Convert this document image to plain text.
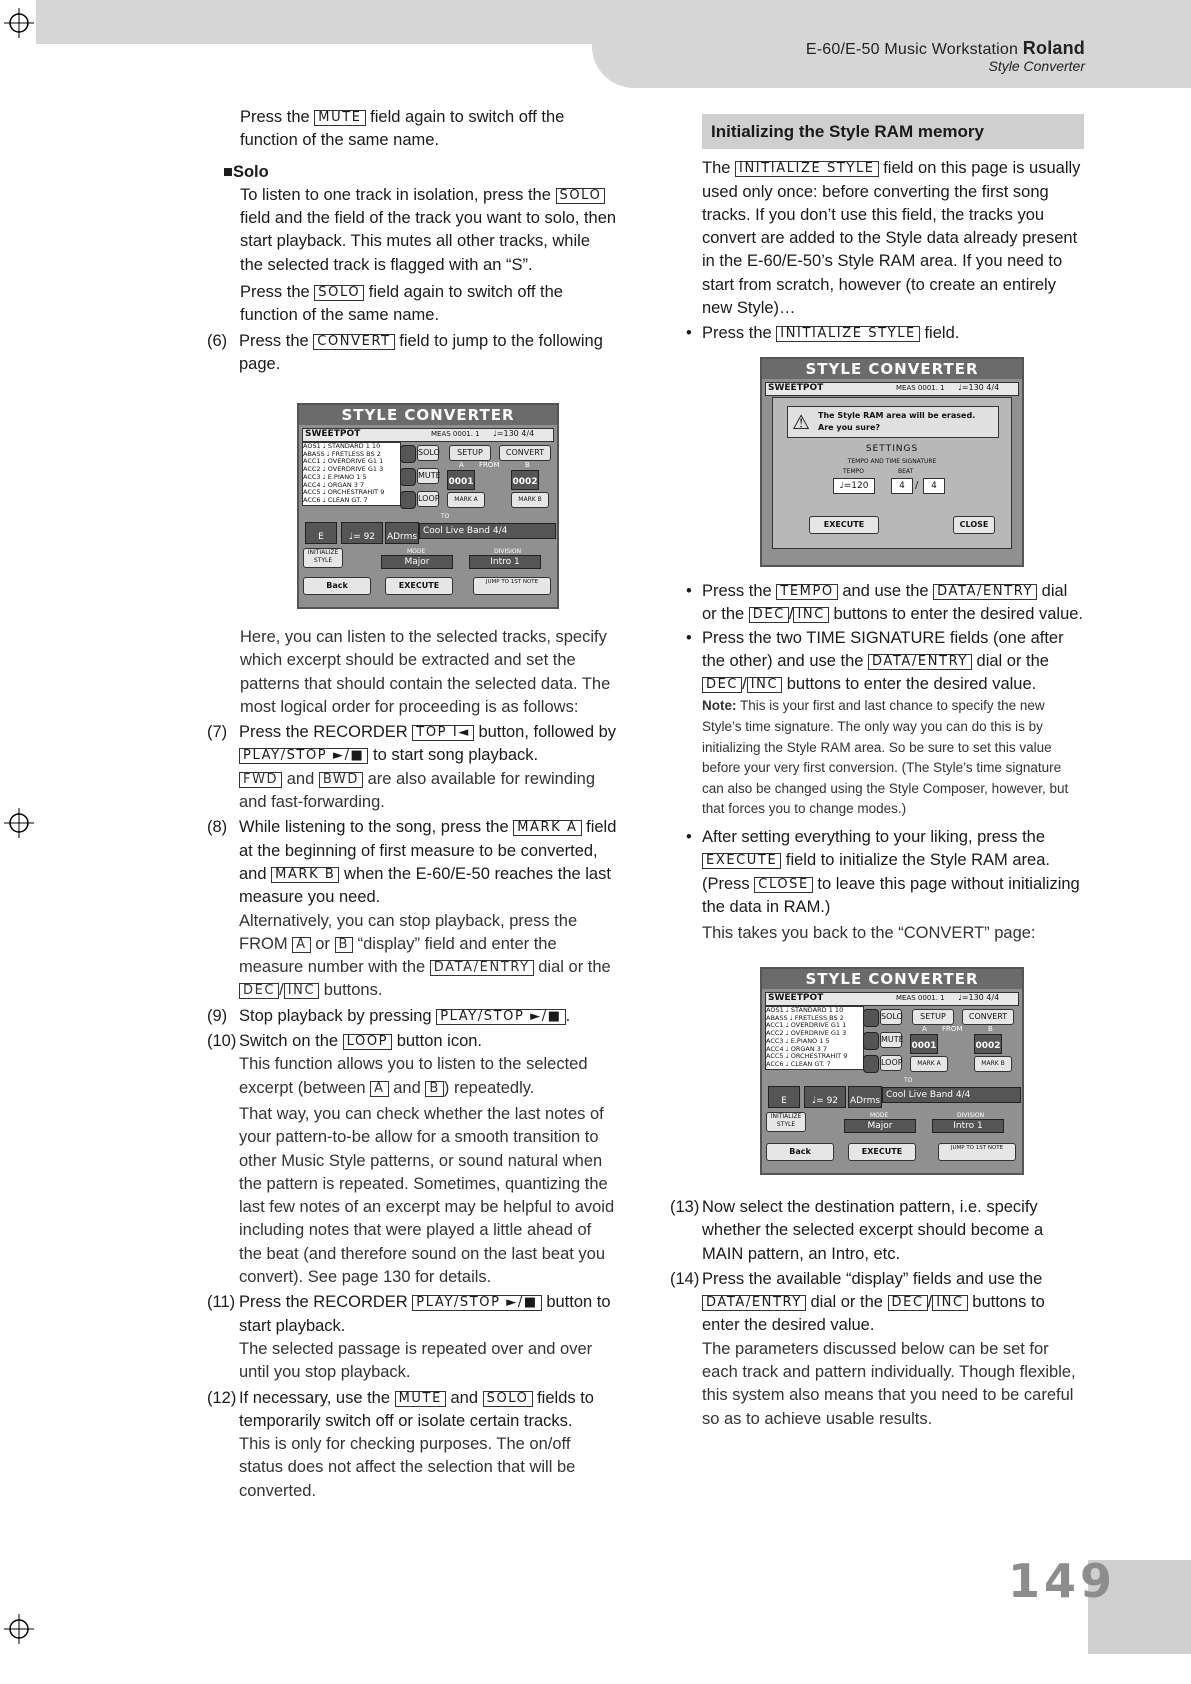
E-60/E-50 Music Workstation Roland
Style Converter
149

Press the MUTE field again to switch off the function of the same name.

■Solo

To listen to one track in isolation, press the SOLO field and the field of the track you want to solo, then start playback. This mutes all other tracks, while the selected track is flagged with an “S”.

Press the SOLO field again to switch off the function of the same name.

(6) Press the CONVERT field to jump to the following page.
STYLE CONVERTER
SWEETPOT	MEAS 0001. 1 ♩=130 4/4
AOS1 ♩ STANDARD 1 10
ABASS ♩ FRETLESS BS 2
ACC1 ♩ OVERDRIVE G1 1
ACC2 ♩ OVERDRIVE G1 3
ACC3 ♩ E.PIANO 1 5
ACC4 ♩ ORGAN 3 7
ACC5 ♩ ORCHESTRAHIT 9
ACC6 ♩ CLEAN GT. 7
SOLO
MUTE
LOOP
SETUP	CONVERT
FROM
A	B
0001	0002
MARK A	MARK B
E	♩= 92	ADrms
TO
Cool Live Band 4/4
INITIALIZE STYLE
MODE
Major
DIVISION
Intro 1
Back	EXECUTE	JUMP TO 1ST NOTE

Here, you can listen to the selected tracks, specify which excerpt should be extracted and set the patterns that should contain the selected data. The most logical order for proceeding is as follows:

(7) Press the RECORDER TOP I◄ button, followed by PLAY/STOP ►/■ to start song playback.
FWD and BWD are also available for rewinding and fast-forwarding.
(8) While listening to the song, press the MARK A field at the beginning of first measure to be converted, and MARK B when the E-60/E-50 reaches the last measure you need.
Alternatively, you can stop playback, press the FROM A or B “display” field and enter the measure number with the DATA/ENTRY dial or the DEC / INC buttons.
(9) Stop playback by pressing PLAY/STOP ►/■ .
(10) Switch on the LOOP button icon.
This function allows you to listen to the selected excerpt (between A and B ) repeatedly.

That way, you can check whether the last notes of your pattern-to-be allow for a smooth transition to other Music Style patterns, or sound natural when the pattern is repeated. Sometimes, quantizing the last few notes of an excerpt may be helpful to avoid including notes that were played a little ahead of the beat (and therefore sound on the last beat you convert). See page 130 for details.
(11) Press the RECORDER PLAY/STOP ►/■ button to start playback.
The selected passage is repeated over and over until you stop playback.
(12) If necessary, use the MUTE and SOLO fields to temporarily switch off or isolate certain tracks.
This is only for checking purposes. The on/off status does not affect the selection that will be converted.
Initializing the Style RAM memory

The INITIALIZE STYLE field on this page is usually used only once: before converting the first song tracks. If you don’t use this field, the tracks you convert are added to the Style data already present in the E-60/E-50’s Style RAM area. If you need to start from scratch, however (to create an entirely new Style)…

• Press the INITIALIZE STYLE field.
STYLE CONVERTER
SWEETPOT	MEAS 0001. 1 ♩=130 4/4
⚠ The Style RAM area will be erased.
Are you sure?
SETTINGS
TEMPO AND TIME SIGNATURE
TEMPO
♩=120
BEAT
4	/	4
EXECUTE	CLOSE
• Press the TEMPO and use the DATA/ENTRY dial or the DEC / INC buttons to enter the desired value.
• Press the two TIME SIGNATURE fields (one after the other) and use the DATA/ENTRY dial or the DEC / INC buttons to enter the desired value.

Note: This is your first and last chance to specify the new Style’s time signature. The only way you can do this is by initializing the Style RAM area. So be sure to set this value before your very first conversion. (The Style’s time signature can also be changed using the Style Composer, however, but that forces you to change modes.)

• After setting everything to your liking, press the EXECUTE field to initialize the Style RAM area. (Press CLOSE to leave this page without initializing the data in RAM.)

This takes you back to the “CONVERT” page:

STYLE CONVERTER
SWEETPOT	MEAS 0001. 1 ♩=130 4/4
AOS1 ♩ STANDARD 1 10
ABASS ♩ FRETLESS BS 2
ACC1 ♩ OVERDRIVE G1 1
ACC2 ♩ OVERDRIVE G1 3
ACC3 ♩ E.PIANO 1 5
ACC4 ♩ ORGAN 3 7
ACC5 ♩ ORCHESTRAHIT 9
ACC6 ♩ CLEAN GT. 7
SOLO
MUTE
LOOP
SETUP	CONVERT
FROM
A	B
0001	0002
MARK A	MARK B
E	♩= 92	ADrms
TO
Cool Live Band 4/4
INITIALIZE STYLE
MODE
Major
DIVISION
Intro 1
Back	EXECUTE	JUMP TO 1ST NOTE
(13) Now select the destination pattern, i.e. specify whether the selected excerpt should become a MAIN pattern, an Intro, etc.
(14) Press the available “display” fields and use the DATA/ENTRY dial or the DEC / INC buttons to enter the desired value.
The parameters discussed below can be set for each track and pattern individually. Though flexible, this system also means that you need to be careful so as to achieve usable results.
